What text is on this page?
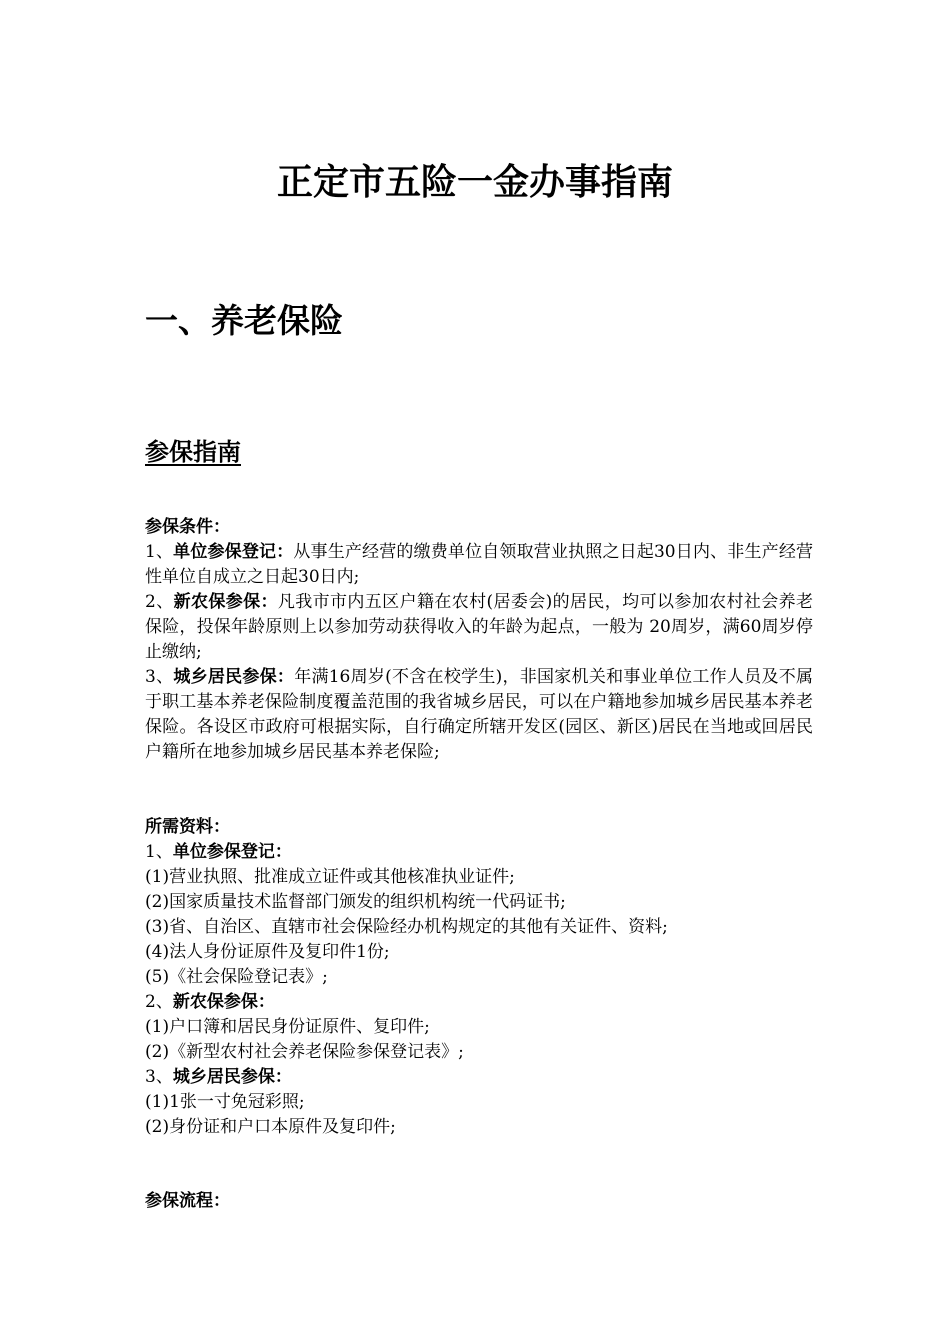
正定市五险一金办事指南
一、养老保险
参保指南

参保条件：

1、单位参保登记：从事生产经营的缴费单位自领取营业执照之日起30日内、非生产经营性单位自成立之日起30日内;

2、新农保参保：凡我市市内五区户籍在农村(居委会)的居民，均可以参加农村社会养老保险，投保年龄原则上以参加劳动获得收入的年龄为起点，一般为 20周岁，满60周岁停止缴纳;

3、城乡居民参保：年满16周岁(不含在校学生)，非国家机关和事业单位工作人员及不属于职工基本养老保险制度覆盖范围的我省城乡居民，可以在户籍地参加城乡居民基本养老保险。各设区市政府可根据实际，自行确定所辖开发区(园区、新区)居民在当地或回居民户籍所在地参加城乡居民基本养老保险;

所需资料：

1、单位参保登记：

(1)营业执照、批准成立证件或其他核准执业证件;

(2)国家质量技术监督部门颁发的组织机构统一代码证书;

(3)省、自治区、直辖市社会保险经办机构规定的其他有关证件、资料;

(4)法人身份证原件及复印件1份;

(5)《社会保险登记表》;

2、新农保参保：

(1)户口簿和居民身份证原件、复印件;

(2)《新型农村社会养老保险参保登记表》;

3、城乡居民参保：

(1)1张一寸免冠彩照;

(2)身份证和户口本原件及复印件;

参保流程：
